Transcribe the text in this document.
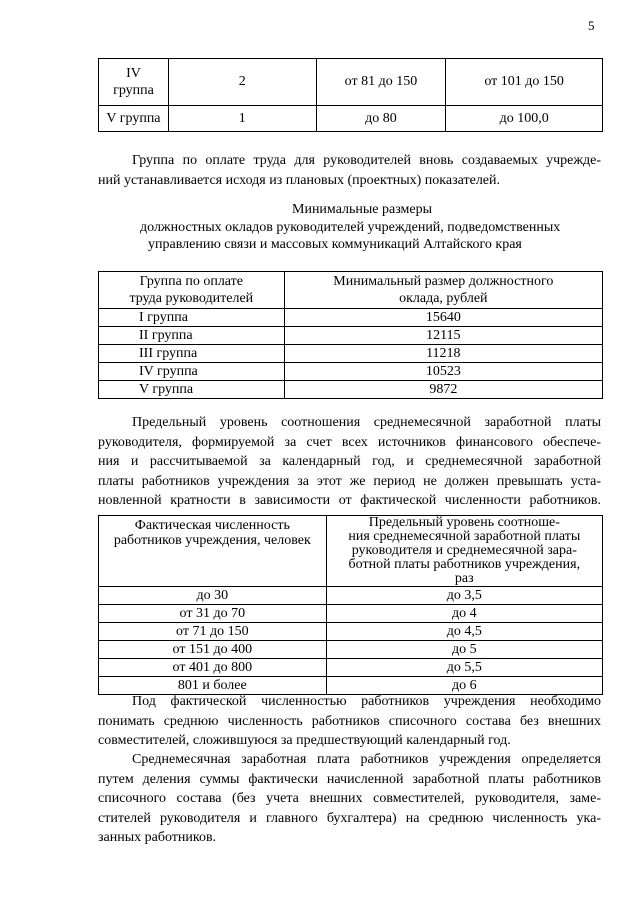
5
IV
группа	2	от 81 до 150	от 101 до 150
V группа	1	до 80	до 100,0
Группа по оплате труда для руководителей вновь создаваемых учрежде-
ний устанавливается исходя из плановых (проектных) показателей.
Минимальные размеры
должностных окладов руководителей учреждений, подведомственных
управлению связи и массовых коммуникаций Алтайского края
Группа по оплате
труда руководителей	Минимальный размер должностного
оклада, рублей

I группа	15640
II группа	12115
III группа	11218
IV группа	10523
V группа	9872
Предельный уровень соотношения среднемесячной заработной платы
руководителя, формируемой за счет всех источников финансового обеспече-
ния и рассчитываемой за календарный год, и среднемесячной заработной
платы работников учреждения за этот же период не должен превышать уста-
новленной кратности в зависимости от фактической численности работников.
Фактическая численность
работников учреждения, человек	Предельный уровень соотноше-
ния среднемесячной заработной платы
руководителя и среднемесячной зара-
ботной платы работников учреждения,
раз

до 30	до 3,5
от 31 до 70	до 4
от 71 до 150	до 4,5
от 151 до 400	до 5
от 401 до 800	до 5,5
801 и более	до 6
Под фактической численностью работников учреждения необходимо
понимать среднюю численность работников списочного состава без внешних
совместителей, сложившуюся за предшествующий календарный год.
Среднемесячная заработная плата работников учреждения определяется
путем деления суммы фактически начисленной заработной платы работников
списочного состава (без учета внешних совместителей, руководителя, заме-
стителей руководителя и главного бухгалтера) на среднюю численность ука-
занных работников.
